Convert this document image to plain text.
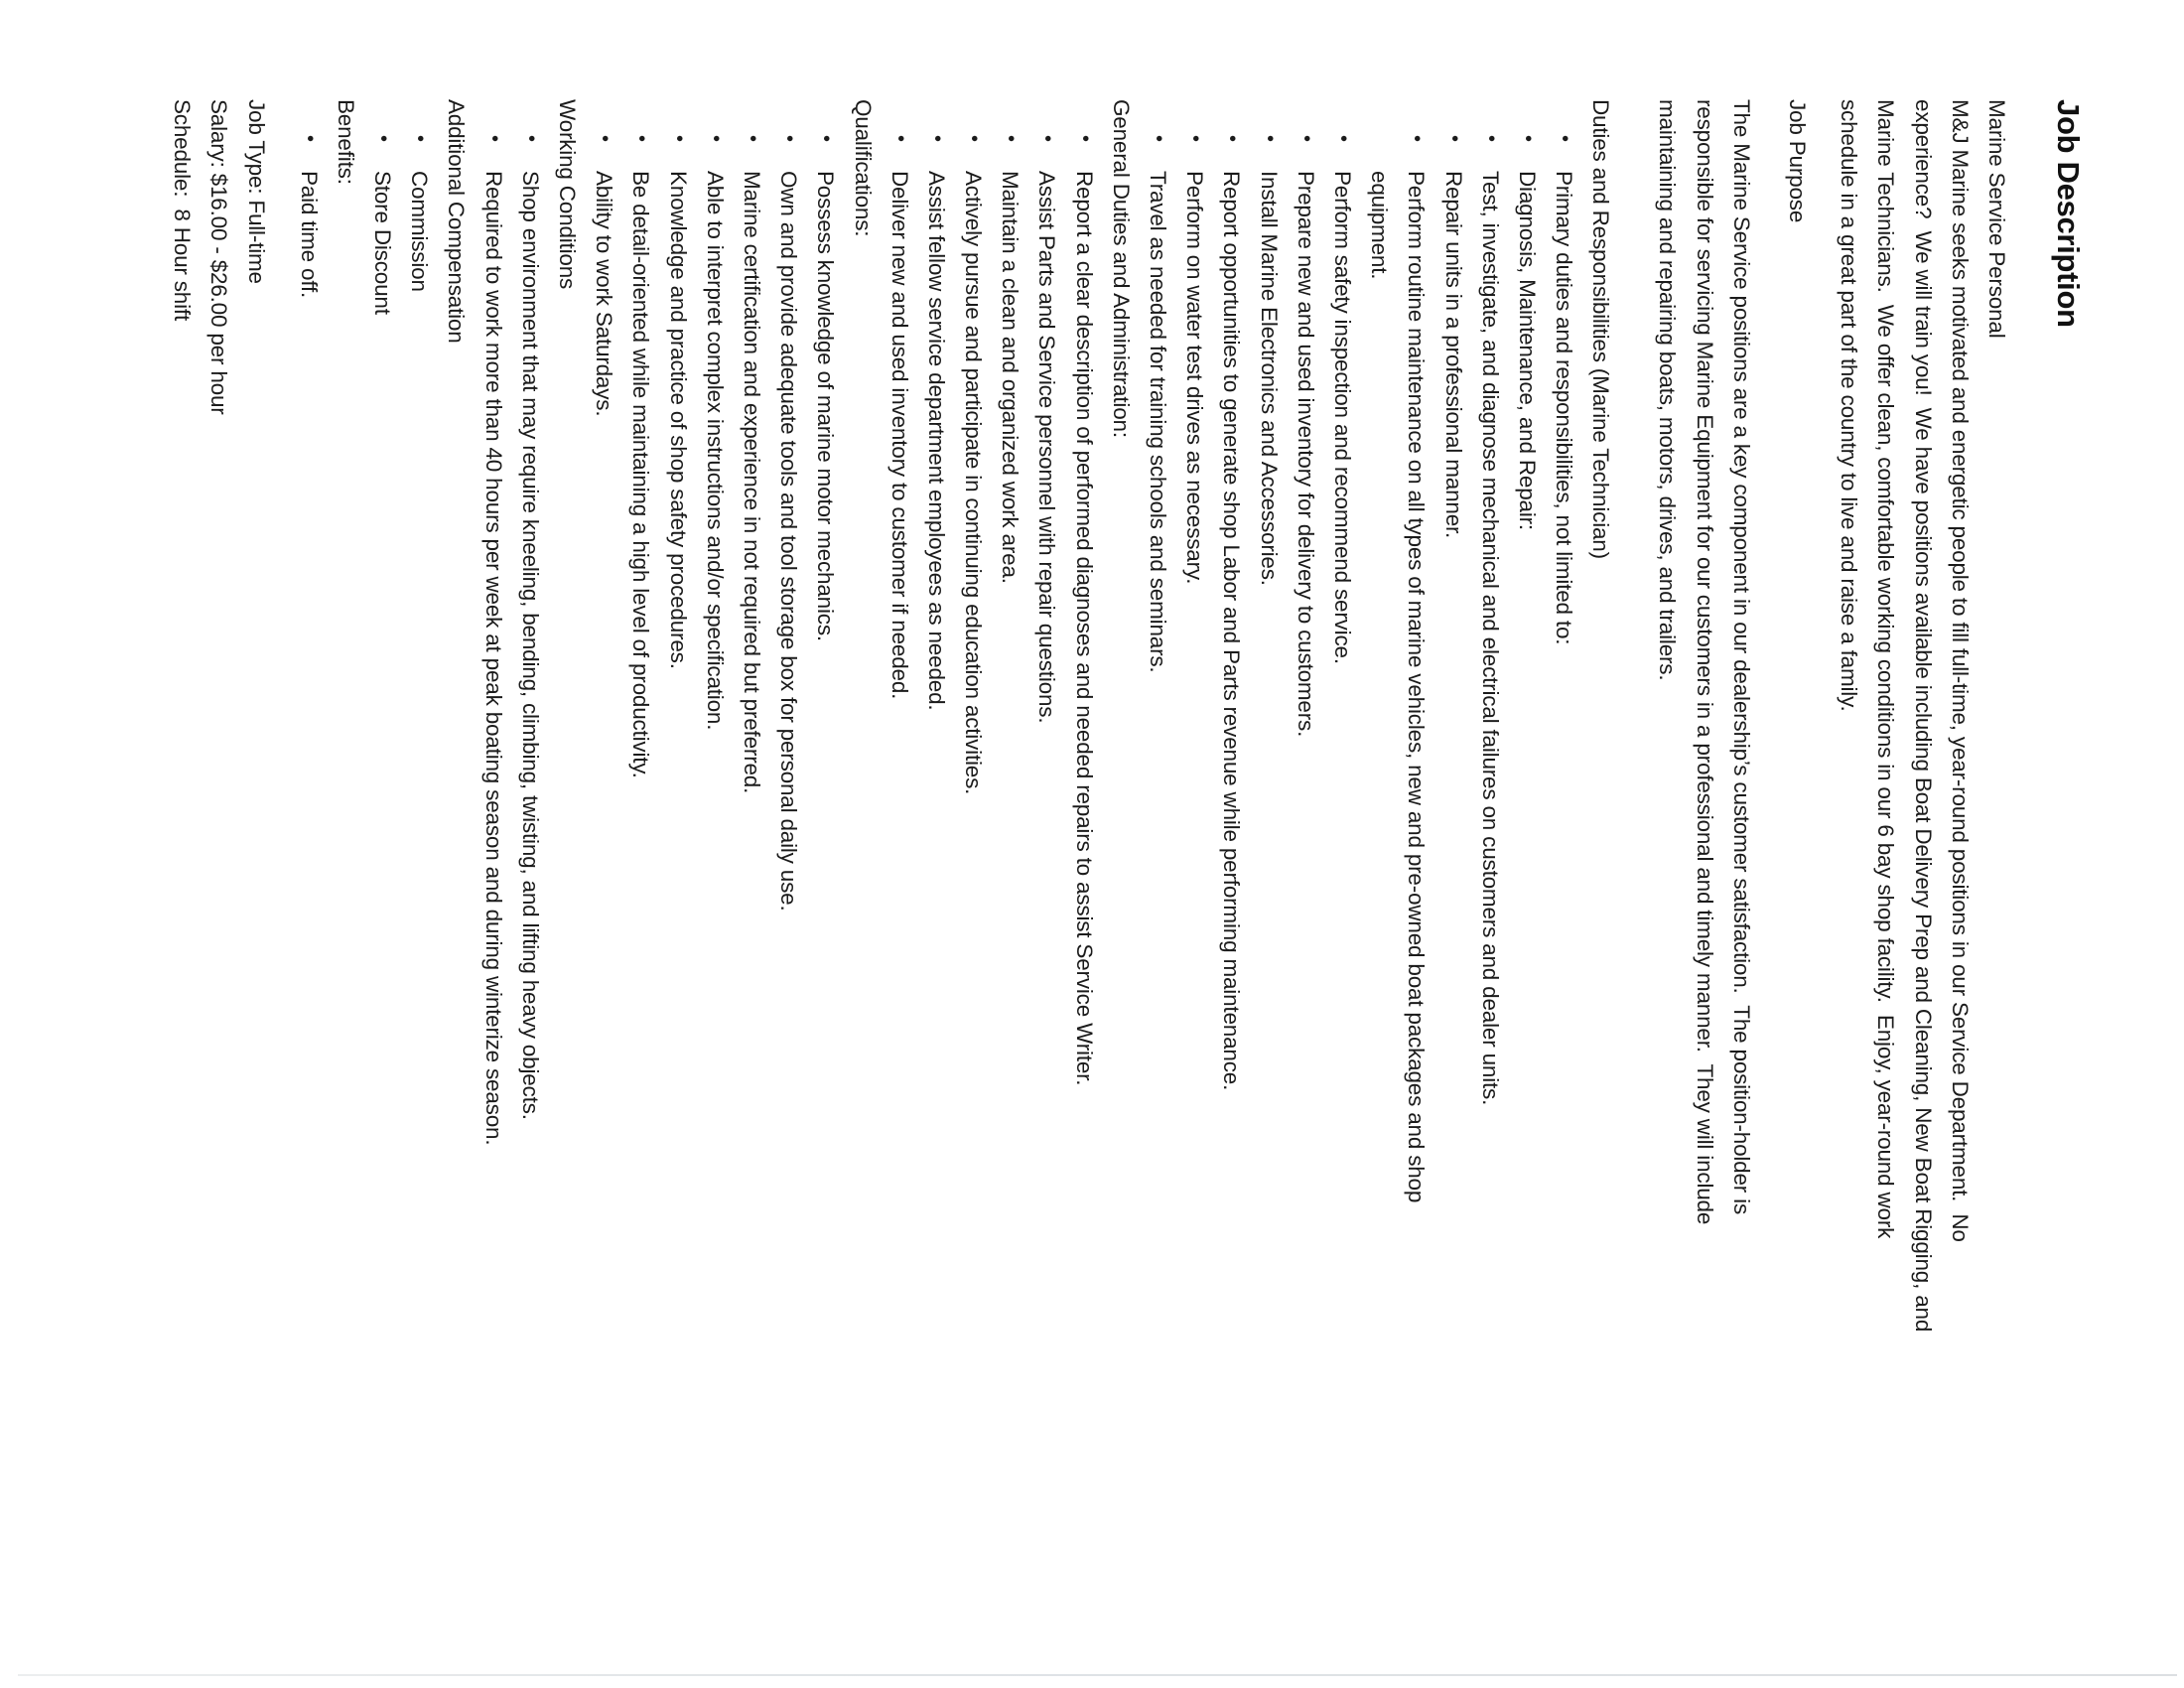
Job Description
Marine Service Personal
M&J Marine seeks motivated and energetic people to fill full-time, year-round positions in our Service Department.  No
experience?  We will train you!  We have positions available including Boat Delivery Prep and Cleaning, New Boat Rigging, and
Marine Technicians.  We offer clean, comfortable working conditions in our 6 bay shop facility.  Enjoy, year-round work
schedule in a great part of the country to live and raise a family.
Job Purpose
The Marine Service positions are a key component in our dealership’s customer satisfaction.  The position-holder is
responsible for servicing Marine Equipment for our customers in a professional and timely manner.  They will include
maintaining and repairing boats, motors, drives, and trailers.
Duties and Responsibilities (Marine Technician)
•
Primary duties and responsibilities, not limited to:
•
Diagnosis, Maintenance, and Repair:
•
Test, investigate, and diagnose mechanical and electrical failures on customers and dealer units.
•
Repair units in a professional manner.
•
Perform routine maintenance on all types of marine vehicles, new and pre-owned boat packages and shop
equipment.
•
Perform safety inspection and recommend service.
•
Prepare new and used inventory for delivery to customers.
•
Install Marine Electronics and Accessories.
•
Report opportunities to generate shop Labor and Parts revenue while performing maintenance.
•
Perform on water test drives as necessary.
•
Travel as needed for training schools and seminars.
General Duties and Administration:
•
Report a clear description of performed diagnoses and needed repairs to assist Service Writer.
•
Assist Parts and Service personnel with repair questions.
•
Maintain a clean and organized work area.
•
Actively pursue and participate in continuing education activities.
•
Assist fellow service department employees as needed.
•
Deliver new and used inventory to customer if needed.
Qualifications:
•
Possess knowledge of marine motor mechanics.
•
Own and provide adequate tools and tool storage box for personal daily use.
•
Marine certification and experience in not required but preferred.
•
Able to interpret complex instructions and/or specification.
•
Knowledge and practice of shop safety procedures.
•
Be detail-oriented while maintaining a high level of productivity.
•
Ability to work Saturdays.
Working Conditions
•
Shop environment that may require kneeling, bending, climbing, twisting, and lifting heavy objects.
•
Required to work more than 40 hours per week at peak boating season and during winterize season.
Additional Compensation
•
Commission
•
Store Discount
Benefits:
•
Paid time off.
Job Type: Full-time
Salary: $16.00 - $26.00 per hour
Schedule:  8 Hour shift
